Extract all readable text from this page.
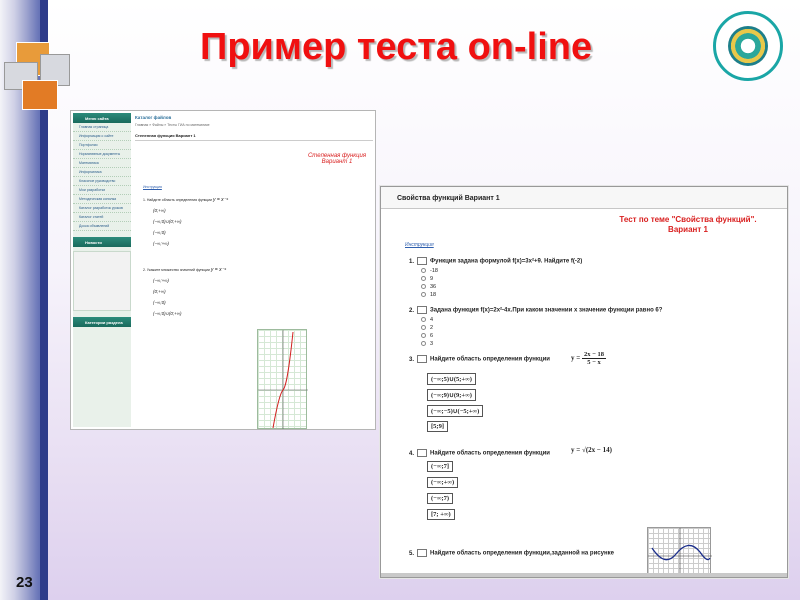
Пример теста on-line
23
Меню сайта
Главная страница
Информация о сайте
Портфолио
Нормативные документы
Математика
Информатика
Классное руководство
Мои разработки
Методическая копилка
Каталог разработок уроков
Каталог статей
Доска объявлений
Новости
Категории раздела
Каталог файлов
Главная » Файлы » Тесты ГИА по математике
Степенная функция Вариант 1
Степенная функция Вариант 1
Инструкция
1. Найдите область определения функции y = x⁻⁴
(0;+∞)
(−∞;0)∪(0;+∞)
(−∞;0)
(−∞;+∞)
2. Укажите множество значений функции y = x⁻⁴
(−∞;+∞)
(0;+∞)
(−∞;0)
(−∞;0)∪(0;+∞)
Свойства функций Вариант 1
Тест по теме "Свойства функций".
Вариант 1
Инструкция
1.	Функция задана формулой f(x)=3x²+9. Найдите f(-2)
-18
9
36
18
2.	Задана функция f(x)=2x²-4x.При каком значении x значение функции равно 6?
4
2
6
3
3.	Найдите область определения функции	$y = \frac{2x - 18}{5 - x}$
(−∞;5)∪(5;+∞)
(−∞;9)∪(9;+∞)
(−∞;−5)∪(−5;+∞)
[5;9]
4.	Найдите область определения функции	y = √(2x − 14)
(−∞;7]
(−∞;+∞)
(−∞;7)
[7; +∞)
5.	Найдите область определения функции,заданной на рисунке
